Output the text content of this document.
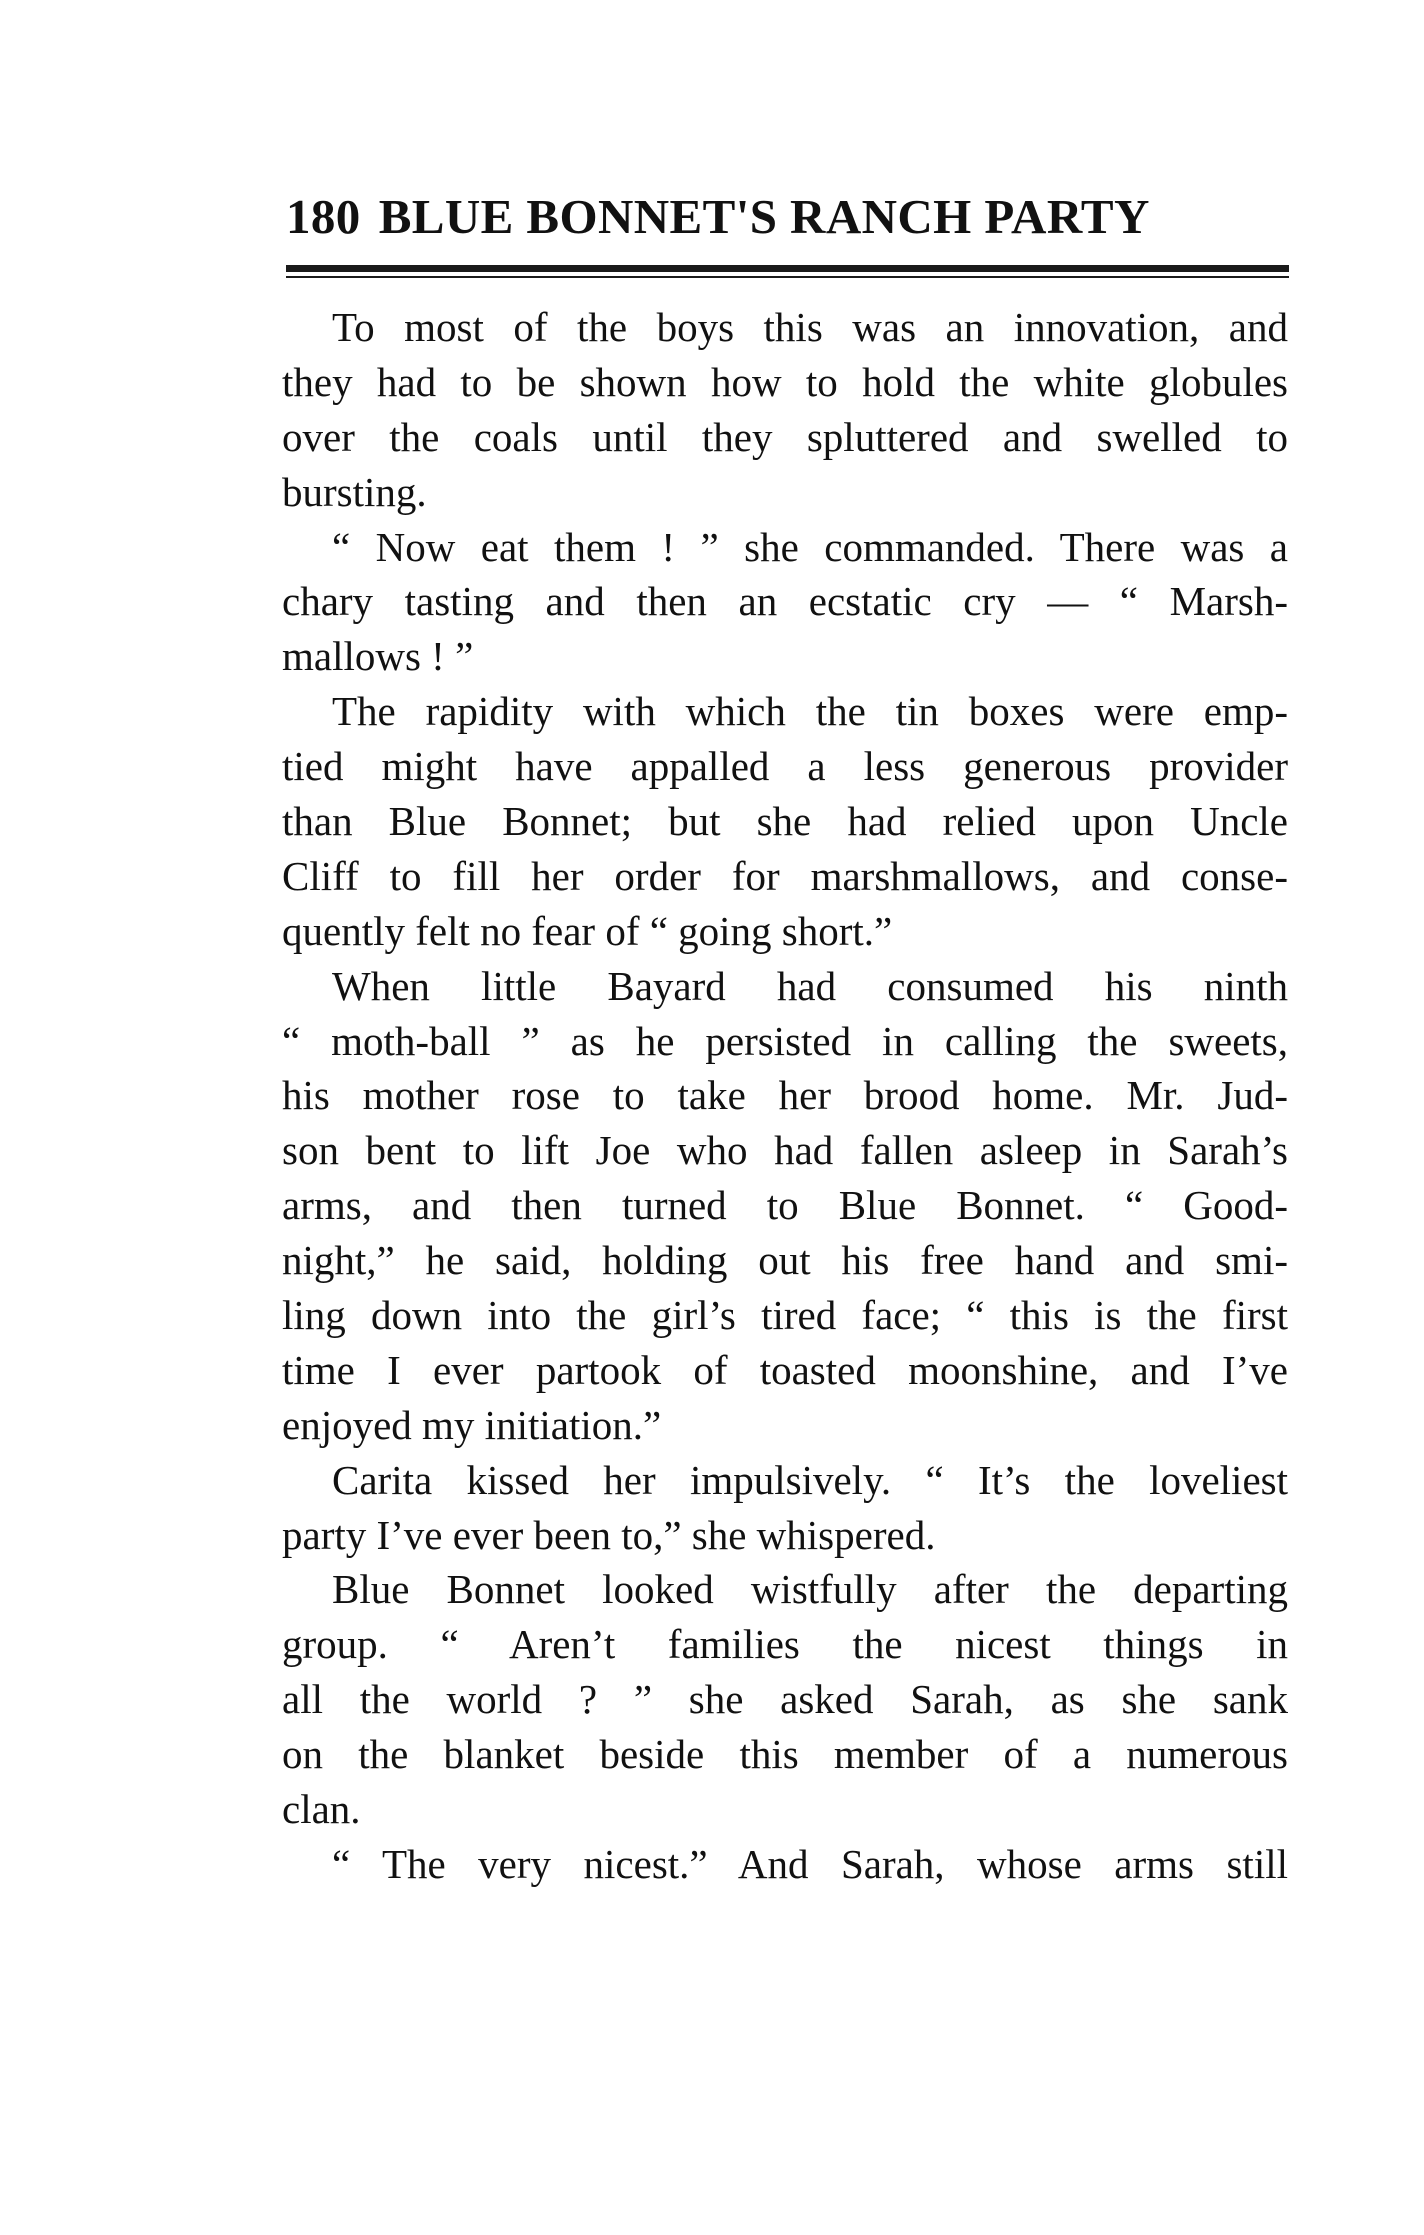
180 BLUE BONNET'S RANCH PARTY
To most of the boys this was an innovation, and
they had to be shown how to hold the white globules
over the coals until they spluttered and swelled to
bursting.
“ Now eat them ! ” she commanded. There was a
chary tasting and then an ecstatic cry — “ Marsh-
mallows ! ”
The rapidity with which the tin boxes were emp-
tied might have appalled a less generous provider
than Blue Bonnet; but she had relied upon Uncle
Cliff to fill her order for marshmallows, and conse-
quently felt no fear of “ going short.”
When little Bayard had consumed his ninth
“ moth-ball ” as he persisted in calling the sweets,
his mother rose to take her brood home. Mr. Jud-
son bent to lift Joe who had fallen asleep in Sarah’s
arms, and then turned to Blue Bonnet. “ Good-
night,” he said, holding out his free hand and smi-
ling down into the girl’s tired face; “ this is the first
time I ever partook of toasted moonshine, and I’ve
enjoyed my initiation.”
Carita kissed her impulsively. “ It’s the loveliest
party I’ve ever been to,” she whispered.
Blue Bonnet looked wistfully after the departing
group. “ Aren’t families the nicest things in
all the world ? ” she asked Sarah, as she sank
on the blanket beside this member of a numerous
clan.
“ The very nicest.” And Sarah, whose arms still
